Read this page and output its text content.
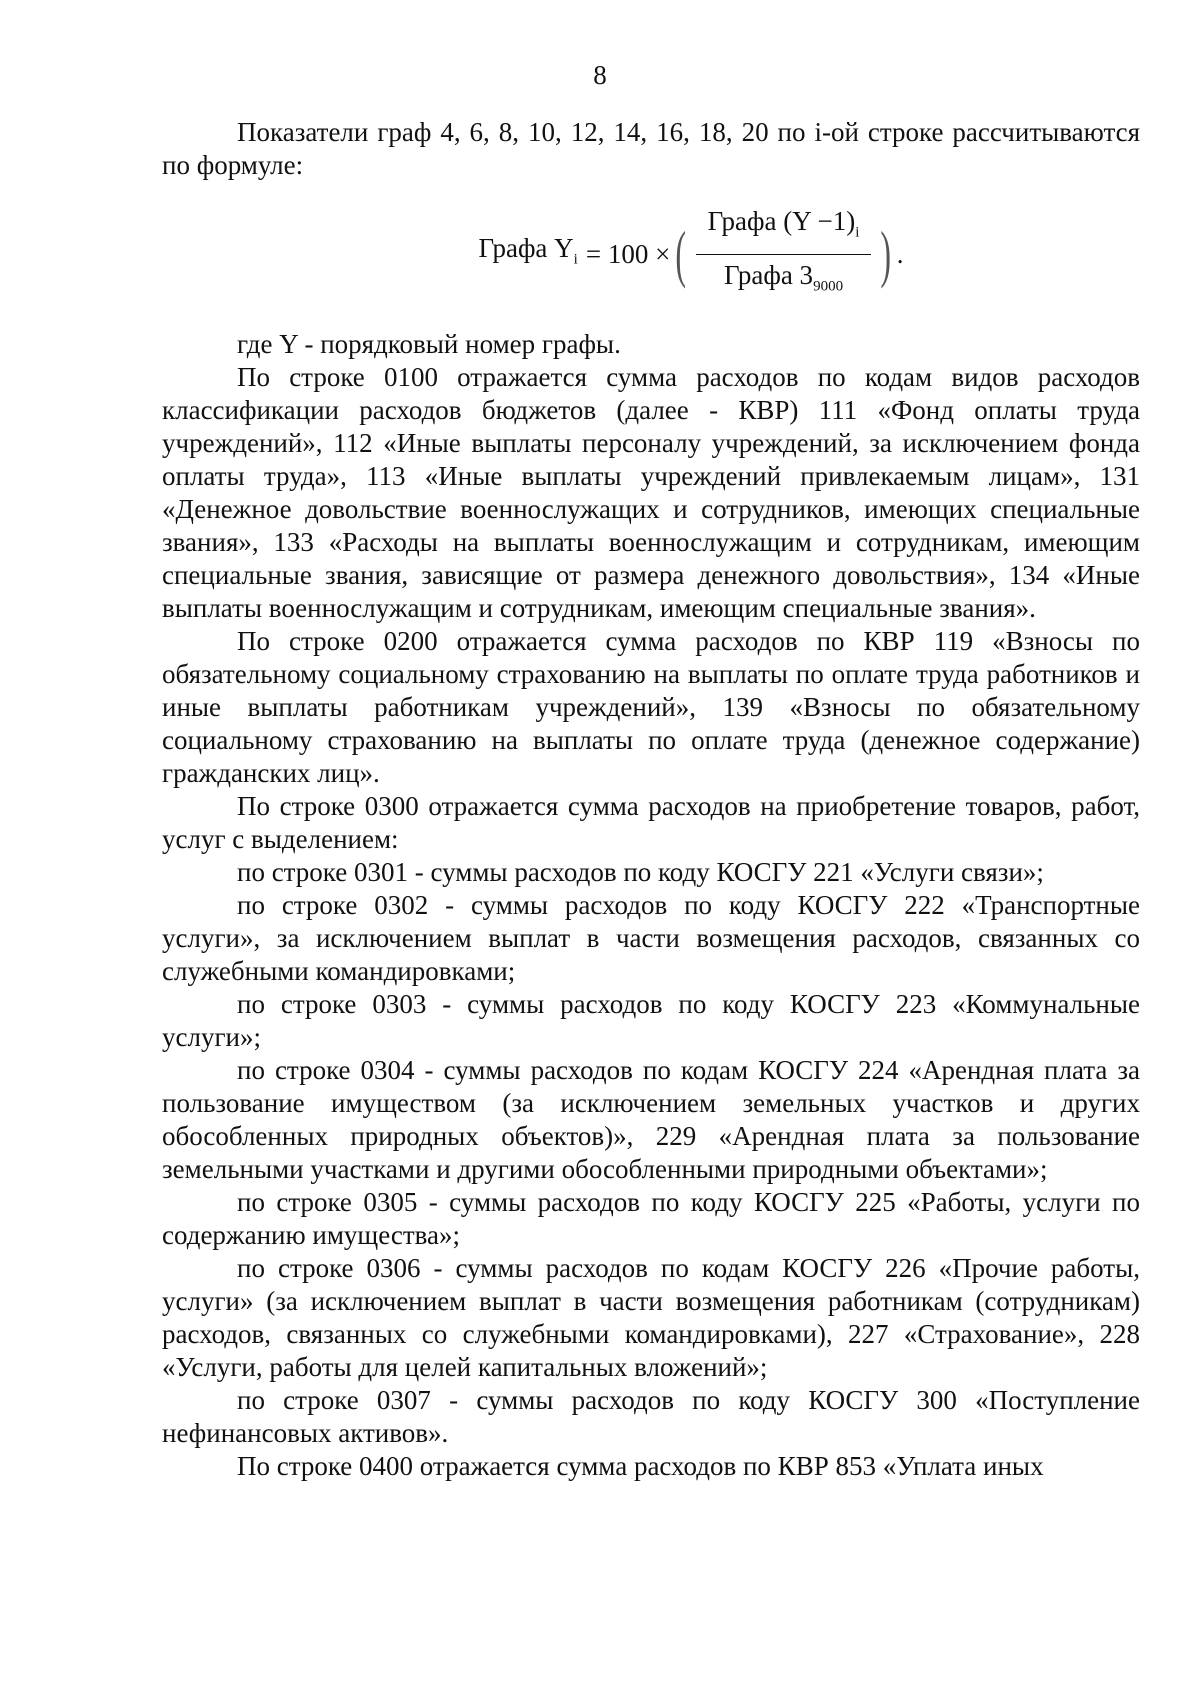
8

Показатели граф 4, 6, 8, 10, 12, 14, 16, 18, 20 по i-ой строке рассчитываются по формуле:

Графа $Y_i = 100$ × ( $\frac{Графа (Y -1)_i}{Графа 3_{9000}}$ ) .

где Y - порядковый номер графы.

По строке 0100 отражается сумма расходов по кодам видов расходов классификации расходов бюджетов (далее - КВР) 111 «Фонд оплаты труда учреждений», 112 «Иные выплаты персоналу учреждений, за исключением фонда оплаты труда», 113 «Иные выплаты учреждений привлекаемым лицам», 131 «Денежное довольствие военнослужащих и сотрудников, имеющих специальные звания», 133 «Расходы на выплаты военнослужащим и сотрудникам, имеющим специальные звания, зависящие от размера денежного довольствия», 134 «Иные выплаты военнослужащим и сотрудникам, имеющим специальные звания».

По строке 0200 отражается сумма расходов по КВР 119 «Взносы по обязательному социальному страхованию на выплаты по оплате труда работников и иные выплаты работникам учреждений», 139 «Взносы по обязательному социальному страхованию на выплаты по оплате труда (денежное содержание) гражданских лиц».

По строке 0300 отражается сумма расходов на приобретение товаров, работ, услуг с выделением:

по строке 0301 - суммы расходов по коду КОСГУ 221 «Услуги связи»;

по строке 0302 - суммы расходов по коду КОСГУ 222 «Транспортные услуги», за исключением выплат в части возмещения расходов, связанных со служебными командировками;

по строке 0303 - суммы расходов по коду КОСГУ 223 «Коммунальные услуги»;

по строке 0304 - суммы расходов по кодам КОСГУ 224 «Арендная плата за пользование имуществом (за исключением земельных участков и других обособленных природных объектов)», 229 «Арендная плата за пользование земельными участками и другими обособленными природными объектами»;

по строке 0305 - суммы расходов по коду КОСГУ 225 «Работы, услуги по содержанию имущества»;

по строке 0306 - суммы расходов по кодам КОСГУ 226 «Прочие работы, услуги» (за исключением выплат в части возмещения работникам (сотрудникам) расходов, связанных со служебными командировками), 227 «Страхование», 228 «Услуги, работы для целей капитальных вложений»;

по строке 0307 - суммы расходов по коду КОСГУ 300 «Поступление нефинансовых активов».

По строке 0400 отражается сумма расходов по КВР 853 «Уплата иных
